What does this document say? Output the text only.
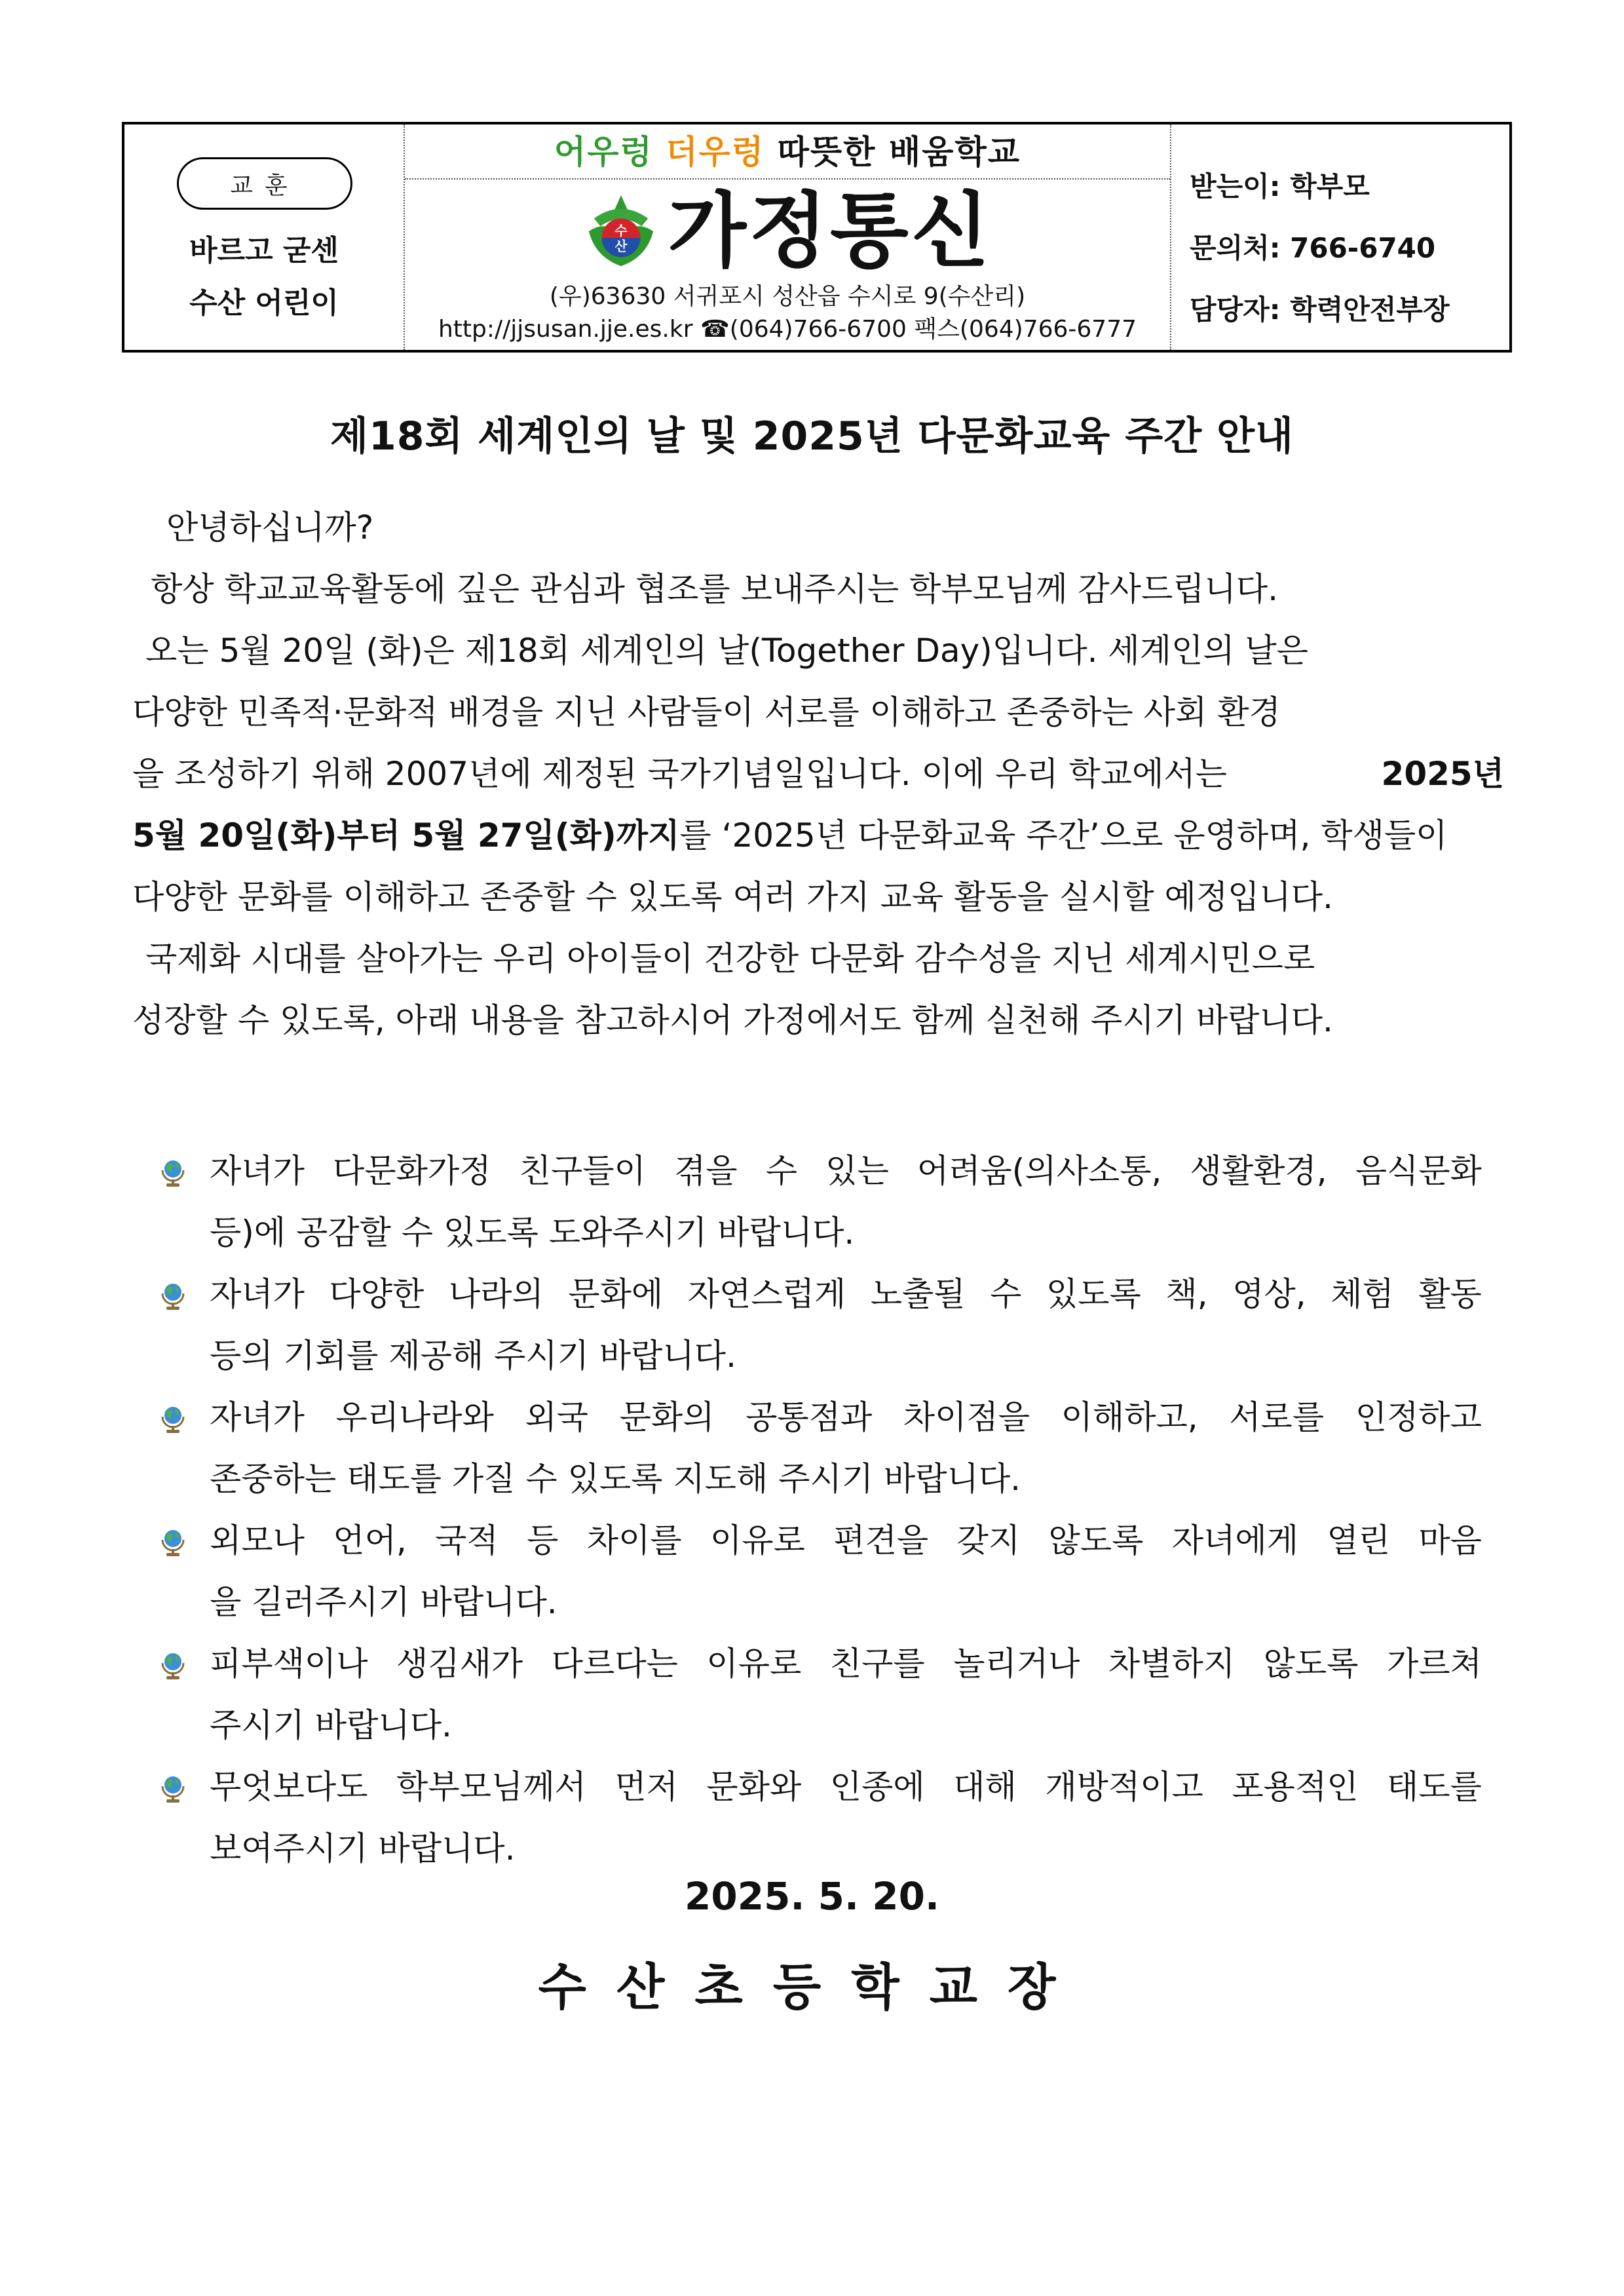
교훈
바르고 굳센
수산 어린이
어우렁 더우렁 따뜻한 배움학교
수
산 가정통신
(우)63630 서귀포시 성산읍 수시로 9(수산리)
http://jjsusan.jje.es.kr ☎(064)766-6700 팩스(064)766-6777
받는이: 학부모
문의처: 766-6740
담당자: 학력안전부장
제18회 세계인의 날 및 2025년 다문화교육 주간 안내
안녕하십니까?
항상 학교교육활동에 깊은 관심과 협조를 보내주시는 학부모님께 감사드립니다.
오는 5월 20일 (화)은 제18회 세계인의 날(Together Day)입니다. 세계인의 날은
다양한 민족적·문화적 배경을 지닌 사람들이 서로를 이해하고 존중하는 사회 환경
을 조성하기 위해 2007년에 제정된 국가기념일입니다. 이에 우리 학교에서는	2025년
5월 20일(화)부터 5월 27일(화)까지를 ‘2025년 다문화교육 주간’으로 운영하며, 학생들이
다양한 문화를 이해하고 존중할 수 있도록 여러 가지 교육 활동을 실시할 예정입니다.
국제화 시대를 살아가는 우리 아이들이 건강한 다문화 감수성을 지닌 세계시민으로
성장할 수 있도록, 아래 내용을 참고하시어 가정에서도 함께 실천해 주시기 바랍니다.
자녀가 다문화가정 친구들이 겪을 수 있는 어려움(의사소통, 생활환경, 음식문화
등)에 공감할 수 있도록 도와주시기 바랍니다.
자녀가 다양한 나라의 문화에 자연스럽게 노출될 수 있도록 책, 영상, 체험 활동
등의 기회를 제공해 주시기 바랍니다.
자녀가 우리나라와 외국 문화의 공통점과 차이점을 이해하고, 서로를 인정하고
존중하는 태도를 가질 수 있도록 지도해 주시기 바랍니다.
외모나 언어, 국적 등 차이를 이유로 편견을 갖지 않도록 자녀에게 열린 마음
을 길러주시기 바랍니다.
피부색이나 생김새가 다르다는 이유로 친구를 놀리거나 차별하지 않도록 가르쳐
주시기 바랍니다.
무엇보다도 학부모님께서 먼저 문화와 인종에 대해 개방적이고 포용적인 태도를
보여주시기 바랍니다.
2025. 5. 20.
수산초등학교장
